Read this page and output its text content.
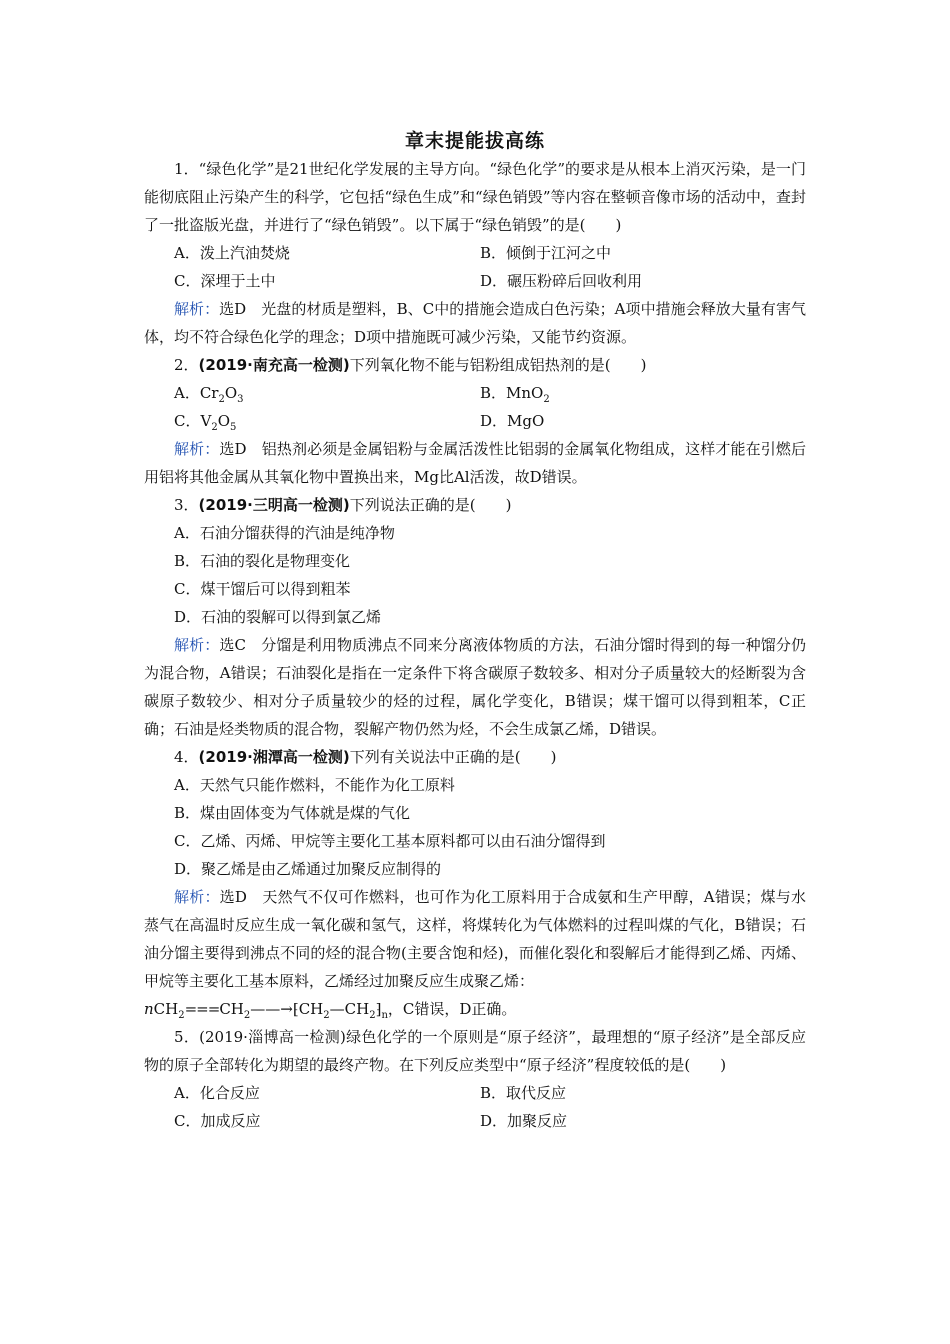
章末提能拔高练

1．“绿色化学”是21世纪化学发展的主导方向。“绿色化学”的要求是从根本上消灭污染，是一门能彻底阻止污染产生的科学，它包括“绿色生成”和“绿色销毁”等内容在整顿音像市场的活动中，查封了一批盗版光盘，并进行了“绿色销毁”。以下属于“绿色销毁”的是(　　)

A．泼上汽油焚烧	B．倾倒于江河之中
C．深埋于土中	D．碾压粉碎后回收利用

解析：选D　光盘的材质是塑料，B、C中的措施会造成白色污染；A项中措施会释放大量有害气体，均不符合绿色化学的理念；D项中措施既可减少污染，又能节约资源。

2．(2019·南充高一检测)下列氧化物不能与铝粉组成铝热剂的是(　　)

A．$Cr_2O_3$	B．MnO$_2$
C．$V_2O_5$	D．MgO

解析：选D　铝热剂必须是金属铝粉与金属活泼性比铝弱的金属氧化物组成，这样才能在引燃后用铝将其他金属从其氧化物中置换出来，Mg比Al活泼，故D错误。

3．(2019·三明高一检测)下列说法正确的是(　　)

A．石油分馏获得的汽油是纯净物
B．石油的裂化是物理变化
C．煤干馏后可以得到粗苯
D．石油的裂解可以得到氯乙烯

解析：选C　分馏是利用物质沸点不同来分离液体物质的方法，石油分馏时得到的每一种馏分仍为混合物，A错误；石油裂化是指在一定条件下将含碳原子数较多、相对分子质量较大的烃断裂为含碳原子数较少、相对分子质量较少的烃的过程，属化学变化，B错误；煤干馏可以得到粗苯，C正确；石油是烃类物质的混合物，裂解产物仍然为烃，不会生成氯乙烯，D错误。

4．(2019·湘潭高一检测)下列有关说法中正确的是(　　)

A．天然气只能作燃料，不能作为化工原料
B．煤由固体变为气体就是煤的气化
C．乙烯、丙烯、甲烷等主要化工基本原料都可以由石油分馏得到
D．聚乙烯是由乙烯通过加聚反应制得的

解析：选D　天然气不仅可作燃料，也可作为化工原料用于合成氨和生产甲醇，A错误；煤与水蒸气在高温时反应生成一氧化碳和氢气，这样，将煤转化为气体燃料的过程叫煤的气化，B错误；石油分馏主要得到沸点不同的烃的混合物(主要含饱和烃)，而催化裂化和裂解后才能得到乙烯、丙烯、甲烷等主要化工基本原料，乙烯经过加聚反应生成聚乙烯：

$nCH_2===CH_2——\to⁅CH_2—CH_2⁆_n$，C错误，D正确。

5．(2019·淄博高一检测)绿色化学的一个原则是“原子经济”，最理想的“原子经济”是全部反应物的原子全部转化为期望的最终产物。在下列反应类型中“原子经济”程度较低的是(　　)

A．化合反应	B．取代反应
C．加成反应	D．加聚反应
